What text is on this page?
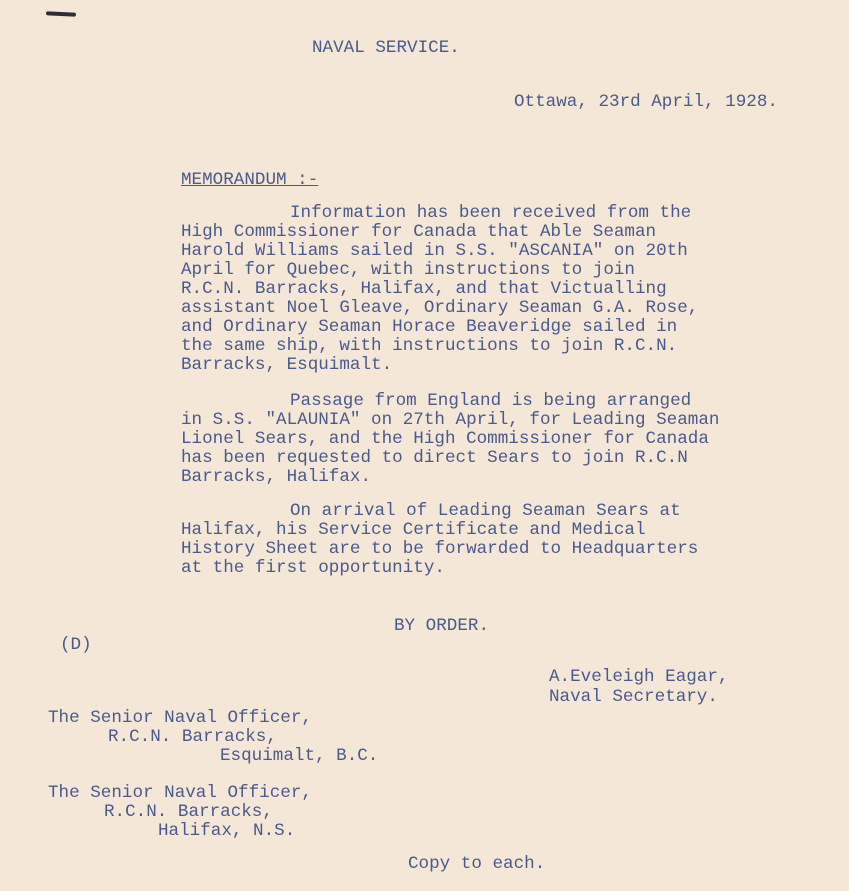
NAVAL SERVICE.
Ottawa, 23rd April, 1928.
MEMORANDUM :-
Information has been received from the
High Commissioner for Canada that Able Seaman
Harold Williams sailed in S.S. "ASCANIA" on 20th
April for Quebec, with instructions to join
R.C.N. Barracks, Halifax, and that Victualling
assistant Noel Gleave, Ordinary Seaman G.A. Rose,
and Ordinary Seaman Horace Beaveridge sailed in
the same ship, with instructions to join R.C.N.
Barracks, Esquimalt.
Passage from England is being arranged
in S.S. "ALAUNIA" on 27th April, for Leading Seaman
Lionel Sears, and the High Commissioner for Canada
has been requested to direct Sears to join R.C.N
Barracks, Halifax.
On arrival of Leading Seaman Sears at
Halifax, his Service Certificate and Medical
History Sheet are to be forwarded to Headquarters
at the first opportunity.
BY ORDER.
(D)
A.Eveleigh Eagar,
Naval Secretary.
The Senior Naval Officer,
R.C.N. Barracks,
Esquimalt, B.C.
The Senior Naval Officer,
R.C.N. Barracks,
Halifax, N.S.
Copy to each.
